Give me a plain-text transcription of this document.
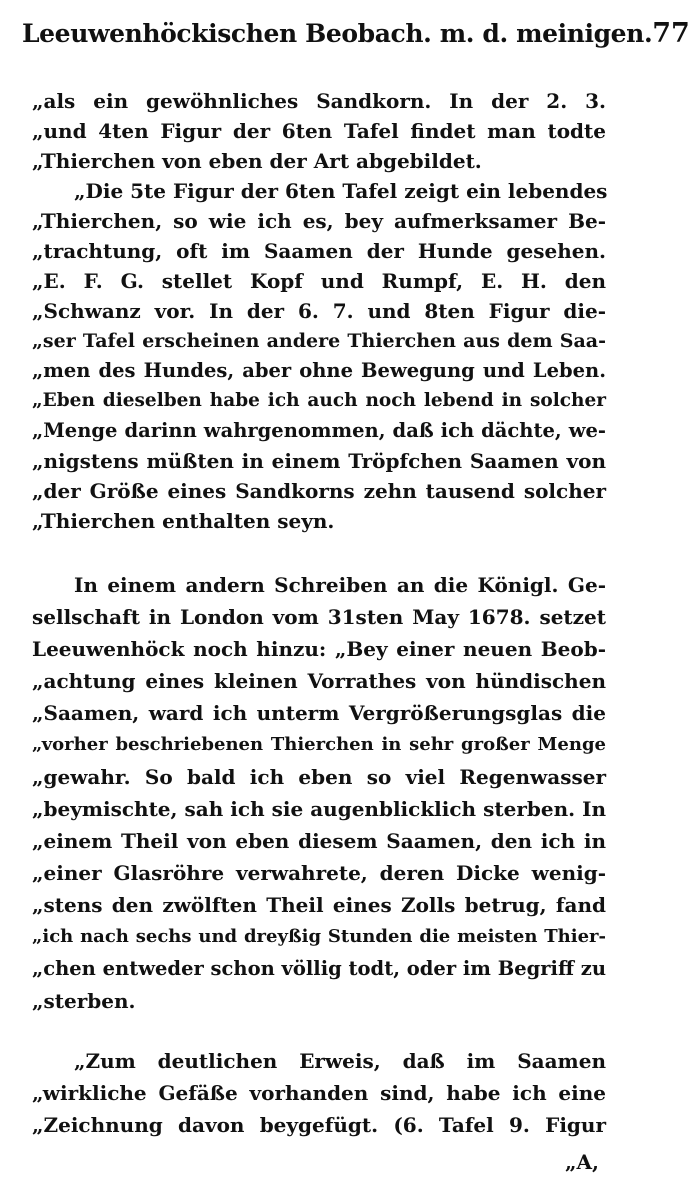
Leeuwenhöckischen Beobach. m. d. meinigen. 77
„als ein gewöhnliches Sandkorn. In der 2. 3.
„und 4ten Figur der 6ten Tafel findet man todte
„Thierchen von eben der Art abgebildet.
„Die 5te Figur der 6ten Tafel zeigt ein lebendes
„Thierchen, so wie ich es, bey aufmerksamer Be-
„trachtung, oft im Saamen der Hunde gesehen.
„E. F. G. stellet Kopf und Rumpf, E. H. den
„Schwanz vor. In der 6. 7. und 8ten Figur die-
„ser Tafel erscheinen andere Thierchen aus dem Saa-
„men des Hundes, aber ohne Bewegung und Leben.
„Eben dieselben habe ich auch noch lebend in solcher
„Menge darinn wahrgenommen, daß ich dächte, we-
„nigstens müßten in einem Tröpfchen Saamen von
„der Größe eines Sandkorns zehn tausend solcher
„Thierchen enthalten seyn.
In einem andern Schreiben an die Königl. Ge-
sellschaft in London vom 31sten May 1678. setzet
Leeuwenhöck noch hinzu: „Bey einer neuen Beob-
„achtung eines kleinen Vorrathes von hündischen
„Saamen, ward ich unterm Vergrößerungsglas die
„vorher beschriebenen Thierchen in sehr großer Menge
„gewahr. So bald ich eben so viel Regenwasser
„beymischte, sah ich sie augenblicklich sterben. In
„einem Theil von eben diesem Saamen, den ich in
„einer Glasröhre verwahrete, deren Dicke wenig-
„stens den zwölften Theil eines Zolls betrug, fand
„ich nach sechs und dreyßig Stunden die meisten Thier-
„chen entweder schon völlig todt, oder im Begriff zu
„sterben.
„Zum deutlichen Erweis, daß im Saamen
„wirkliche Gefäße vorhanden sind, habe ich eine
„Zeichnung davon beygefügt. (6. Tafel 9. Figur
„A,
